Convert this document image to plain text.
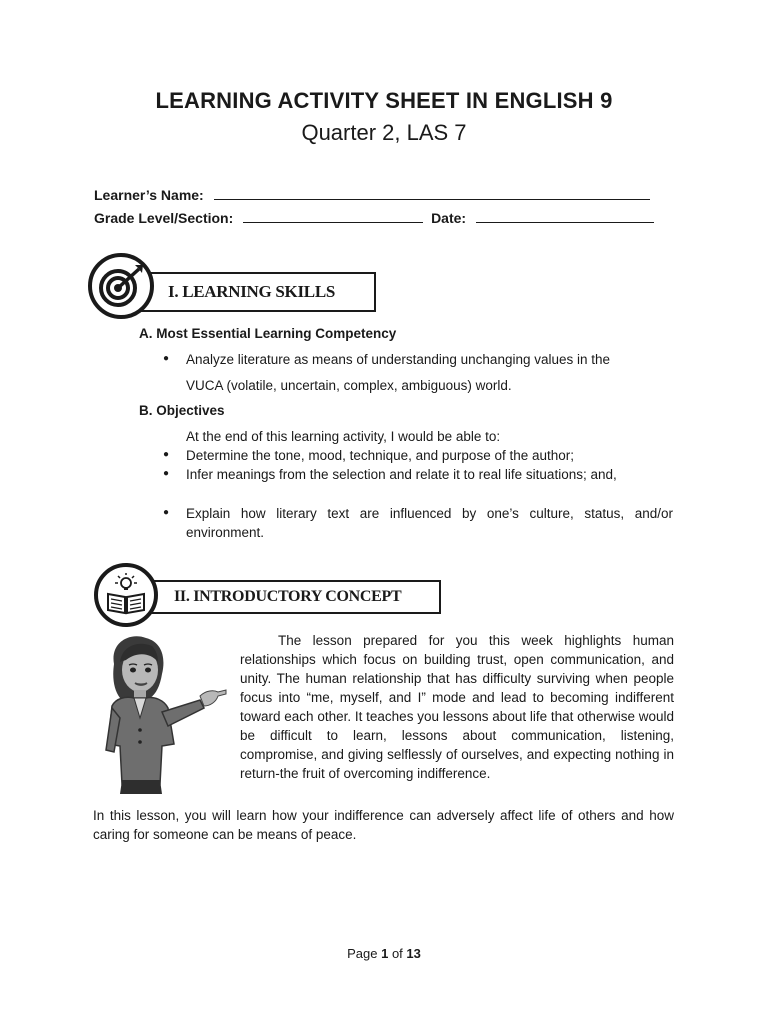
LEARNING ACTIVITY SHEET IN ENGLISH 9
Quarter 2, LAS 7
Learner’s Name:
Grade Level/Section:	Date:
I. LEARNING SKILLS
A. Most Essential Learning Competency
● Analyze literature as means of understanding unchanging values in the
VUCA (volatile, uncertain, complex, ambiguous) world.
B. Objectives
At the end of this learning activity, I would be able to:
● Determine the tone, mood, technique, and purpose of the author;
● Infer meanings from the selection and relate it to real life situations; and,
● Explain how literary text are influenced by one’s culture, status, and/or environment.
II. INTRODUCTORY CONCEPT
The lesson prepared for you this week highlights human relationships which focus on building trust, open communication, and unity. The human relationship that has difficulty surviving when people focus into “me, myself, and I” mode and lead to becoming indifferent toward each other. It teaches you lessons about life that otherwise would be difficult to learn, lessons about communication, listening, compromise, and giving selflessly of ourselves, and expecting nothing in return-the fruit of overcoming indifference.
In this lesson, you will learn how your indifference can adversely affect life of others and how caring for someone can be means of peace.
Page 1 of 13
